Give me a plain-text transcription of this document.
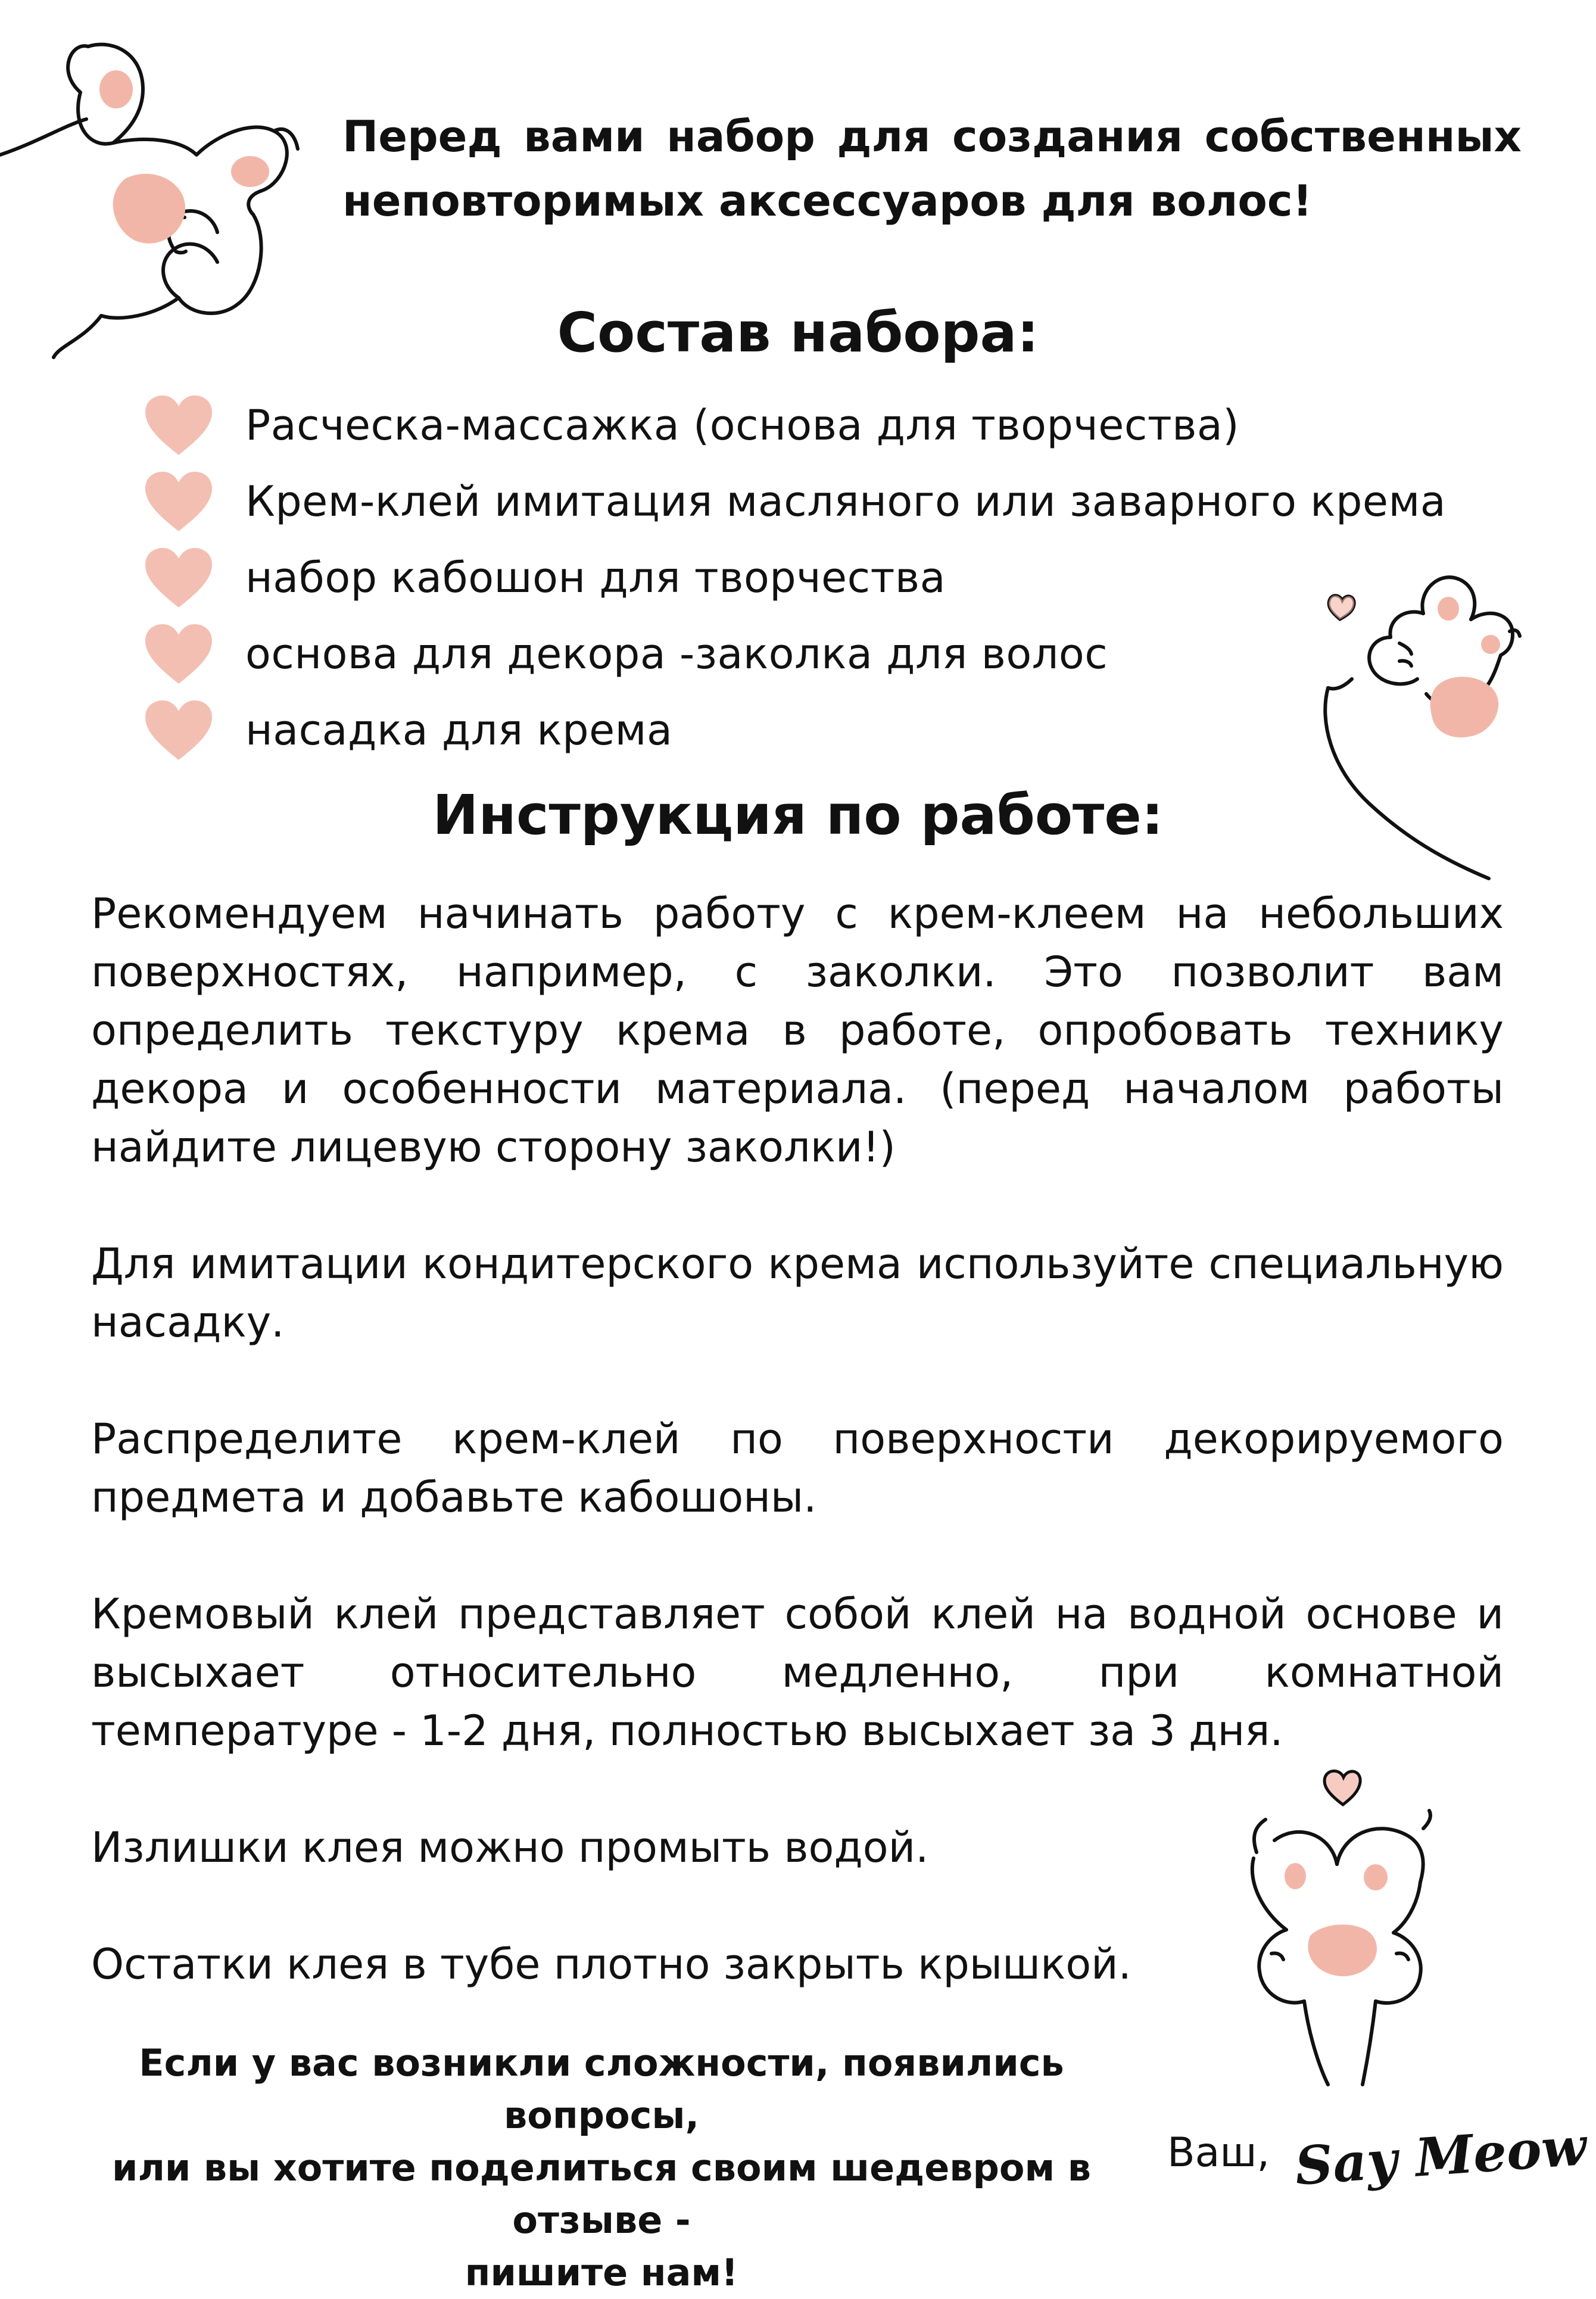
Перед вами набор для создания собственных
неповторимых аксессуаров для волос!
Состав набора:
Расческа-массажка (основа для творчества)
Крем-клей имитация масляного или заварного крема
набор кабошон для творчества
основа для декора -заколка для волос
насадка для крема
Инструкция по работе:

Рекомендуем начинать работу с крем-клеем на небольших
поверхностях, например, с заколки. Это позволит вам
определить текстуру крема в работе, опробовать технику
декора и особенности материала. (перед началом работы
найдите лицевую сторону заколки!)

Для имитации кондитерского крема используйте специальную
насадку.

Распределите крем-клей по поверхности декорируемого
предмета и добавьте кабошоны.

Кремовый клей представляет собой клей на водной основе и
высыхает относительно медленно, при комнатной
температуре - 1-2 дня, полностью высыхает за 3 дня.

Излишки клея можно промыть водой.

Остатки клея в тубе плотно закрыть крышкой.

Если у вас возникли сложности, появились вопросы,
или вы хотите поделиться своим шедевром в отзыве -
пишите нам!
Ваш, Say Meow
